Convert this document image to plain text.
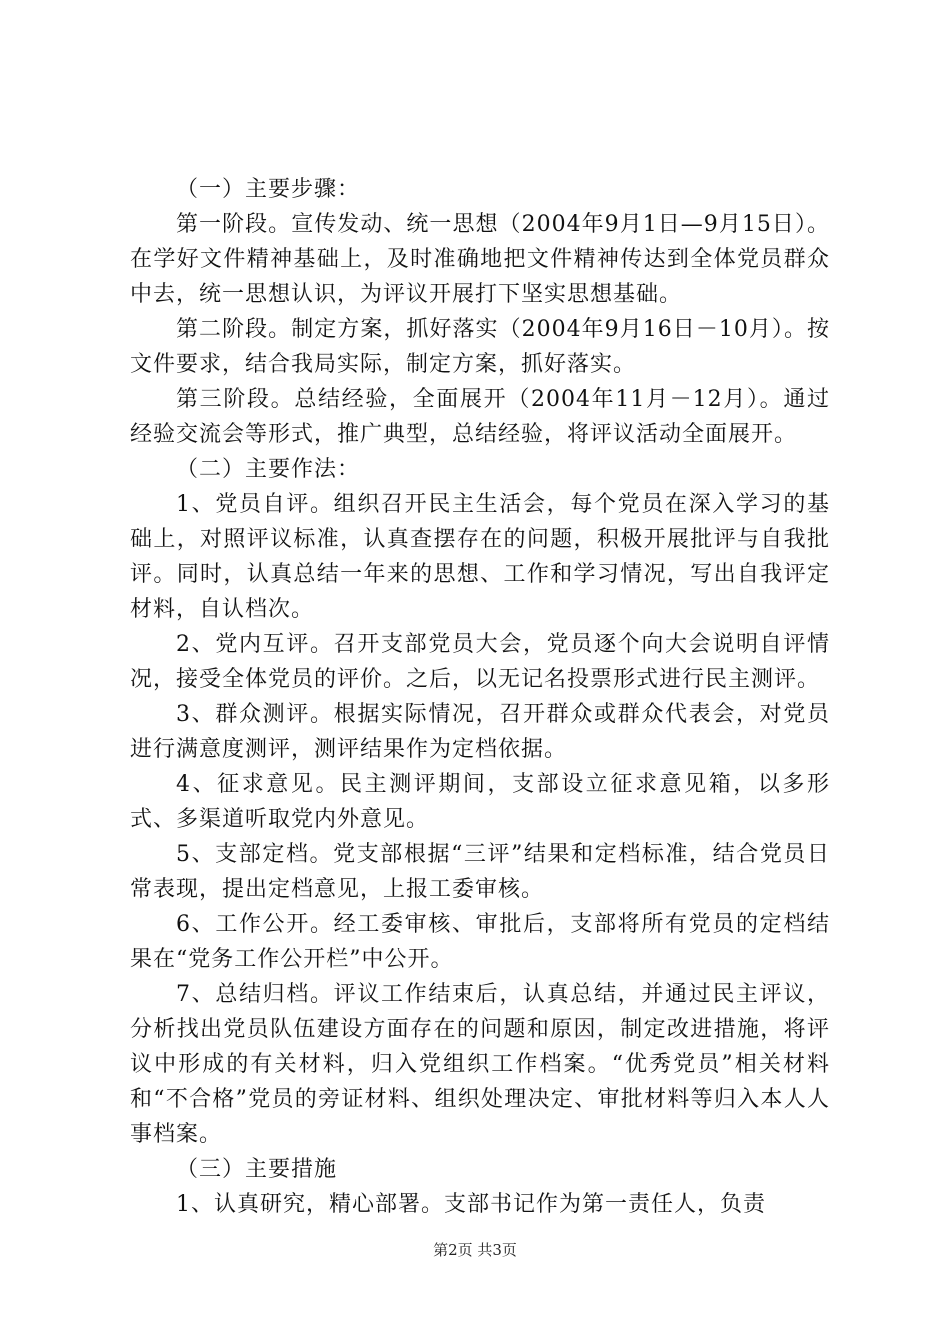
（一）主要步骤：

第一阶段。宣传发动、统一思想（2004年9月1日—9月15日）。在学好文件精神基础上，及时准确地把文件精神传达到全体党员群众中去，统一思想认识，为评议开展打下坚实思想基础。

第二阶段。制定方案，抓好落实（2004年9月16日－10月）。按文件要求，结合我局实际，制定方案，抓好落实。

第三阶段。总结经验，全面展开（2004年11月－12月）。通过经验交流会等形式，推广典型，总结经验，将评议活动全面展开。

（二）主要作法：

1、党员自评。组织召开民主生活会，每个党员在深入学习的基础上，对照评议标准，认真查摆存在的问题，积极开展批评与自我批评。同时，认真总结一年来的思想、工作和学习情况，写出自我评定材料，自认档次。

2、党内互评。召开支部党员大会，党员逐个向大会说明自评情况，接受全体党员的评价。之后，以无记名投票形式进行民主测评。

3、群众测评。根据实际情况，召开群众或群众代表会，对党员进行满意度测评，测评结果作为定档依据。

4、征求意见。民主测评期间，支部设立征求意见箱，以多形式、多渠道听取党内外意见。

5、支部定档。党支部根据“三评”结果和定档标准，结合党员日常表现，提出定档意见，上报工委审核。

6、工作公开。经工委审核、审批后，支部将所有党员的定档结果在“党务工作公开栏”中公开。

7、总结归档。评议工作结束后，认真总结，并通过民主评议，分析找出党员队伍建设方面存在的问题和原因，制定改进措施，将评议中形成的有关材料，归入党组织工作档案。“优秀党员”相关材料和“不合格”党员的旁证材料、组织处理决定、审批材料等归入本人人事档案。

（三）主要措施

1、认真研究，精心部署。支部书记作为第一责任人，负责

第2页 共3页
